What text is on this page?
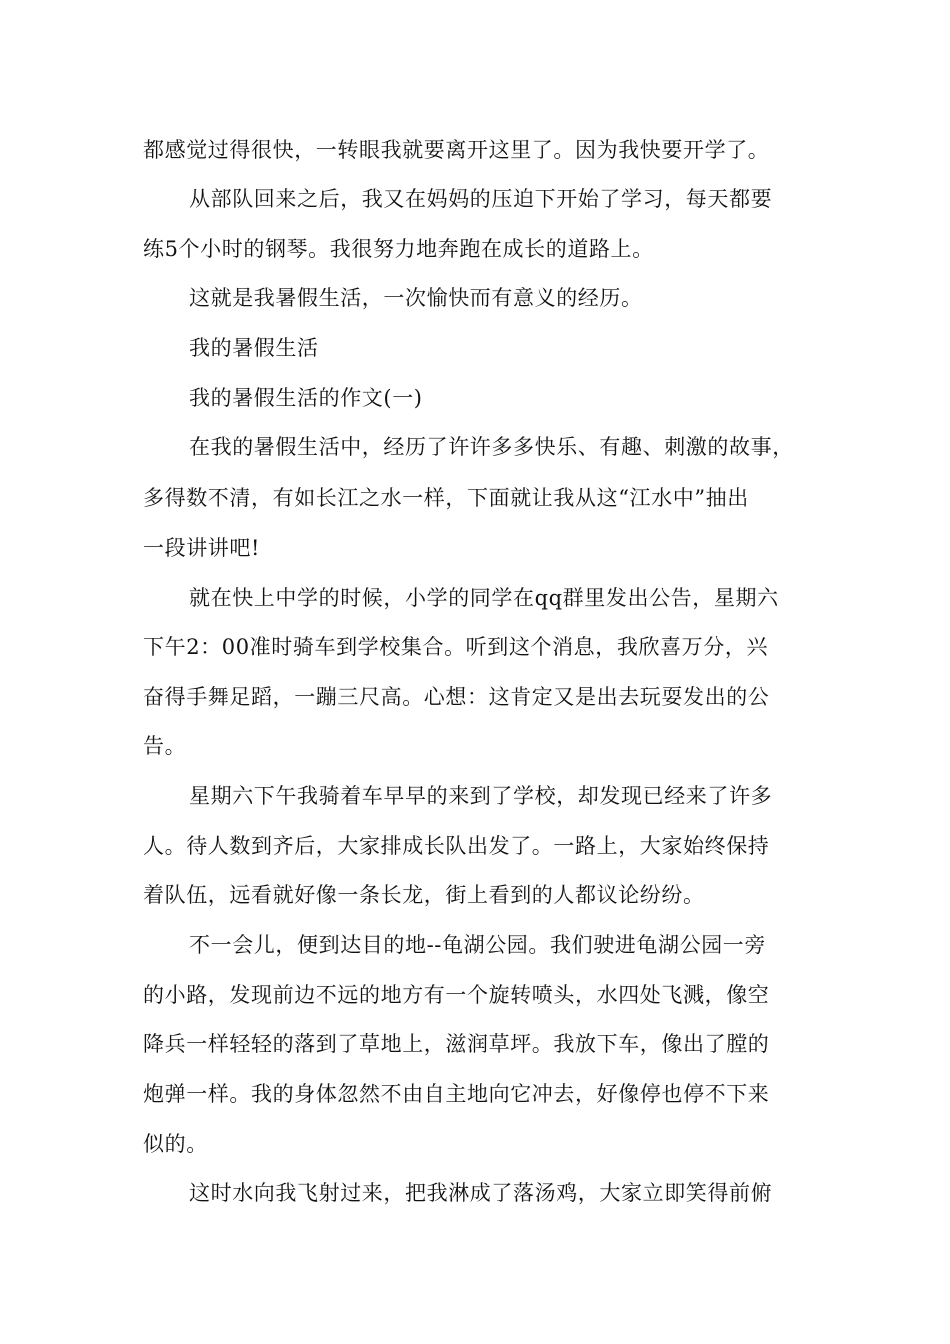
都感觉过得很快，一转眼我就要离开这里了。因为我快要开学了。
从部队回来之后，我又在妈妈的压迫下开始了学习，每天都要
练5个小时的钢琴。我很努力地奔跑在成长的道路上。
这就是我暑假生活，一次愉快而有意义的经历。
我的暑假生活
我的暑假生活的作文(一)
在我的暑假生活中，经历了许许多多快乐、有趣、刺激的故事，
多得数不清，有如长江之水一样，下面就让我从这“江水中”抽出
一段讲讲吧!
就在快上中学的时候，小学的同学在qq群里发出公告，星期六
下午2：00准时骑车到学校集合。听到这个消息，我欣喜万分，兴
奋得手舞足蹈，一蹦三尺高。心想：这肯定又是出去玩耍发出的公
告。
星期六下午我骑着车早早的来到了学校，却发现已经来了许多
人。待人数到齐后，大家排成长队出发了。一路上，大家始终保持
着队伍，远看就好像一条长龙，街上看到的人都议论纷纷。
不一会儿，便到达目的地--龟湖公园。我们驶进龟湖公园一旁
的小路，发现前边不远的地方有一个旋转喷头，水四处飞溅，像空
降兵一样轻轻的落到了草地上，滋润草坪。我放下车，像出了膛的
炮弹一样。我的身体忽然不由自主地向它冲去，好像停也停不下来
似的。
这时水向我飞射过来，把我淋成了落汤鸡，大家立即笑得前俯
